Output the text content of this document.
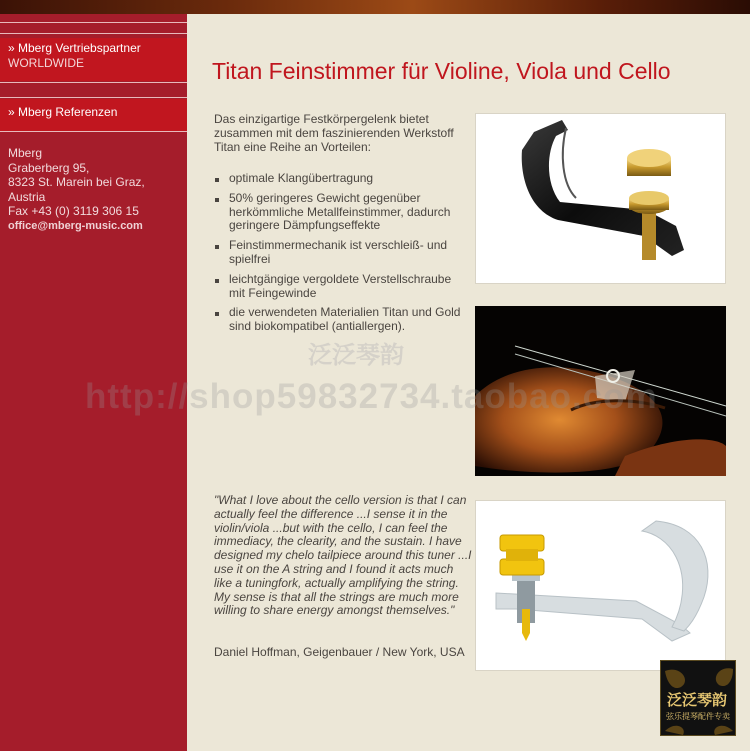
» Mberg Vertriebspartner
WORLDWIDE
» Mberg Referenzen
Mberg
Graberberg 95,
8323 St. Marein bei Graz,
Austria
Fax +43 (0) 3119 306 15
office@mberg-music.com
Titan Feinstimmer für Violine, Viola und Cello
Das einzigartige Festkörpergelenk bietet zusammen mit dem faszinierenden Werkstoff Titan eine Reihe an Vorteilen:
optimale Klangübertragung
50% geringeres Gewicht gegenüber herkömmliche Metallfeinstimmer, dadurch geringere Dämpfungseffekte
Feinstimmermechanik ist verschleiß- und spielfrei
leichtgängige vergoldete Verstellschraube mit Feingewinde
die verwendeten Materialien Titan und Gold sind biokompatibel (antiallergen).
"What I love about the cello version is that I can actually feel the difference ...I sense it in the violin/viola ...but with the cello, I can feel the immediacy, the clearity, and the sustain. I have designed my chelo tailpiece around this tuner ...I use it on the A string and I found it acts much like a tuningfork, actually amplifying the string. My sense is that all the strings are much more willing to share energy amongst themselves."
Daniel Hoffman, Geigenbauer / New York, USA
泛泛琴韵
http://shop59832734.taobao.com
泛泛琴韵
弦乐提琴配件专卖
